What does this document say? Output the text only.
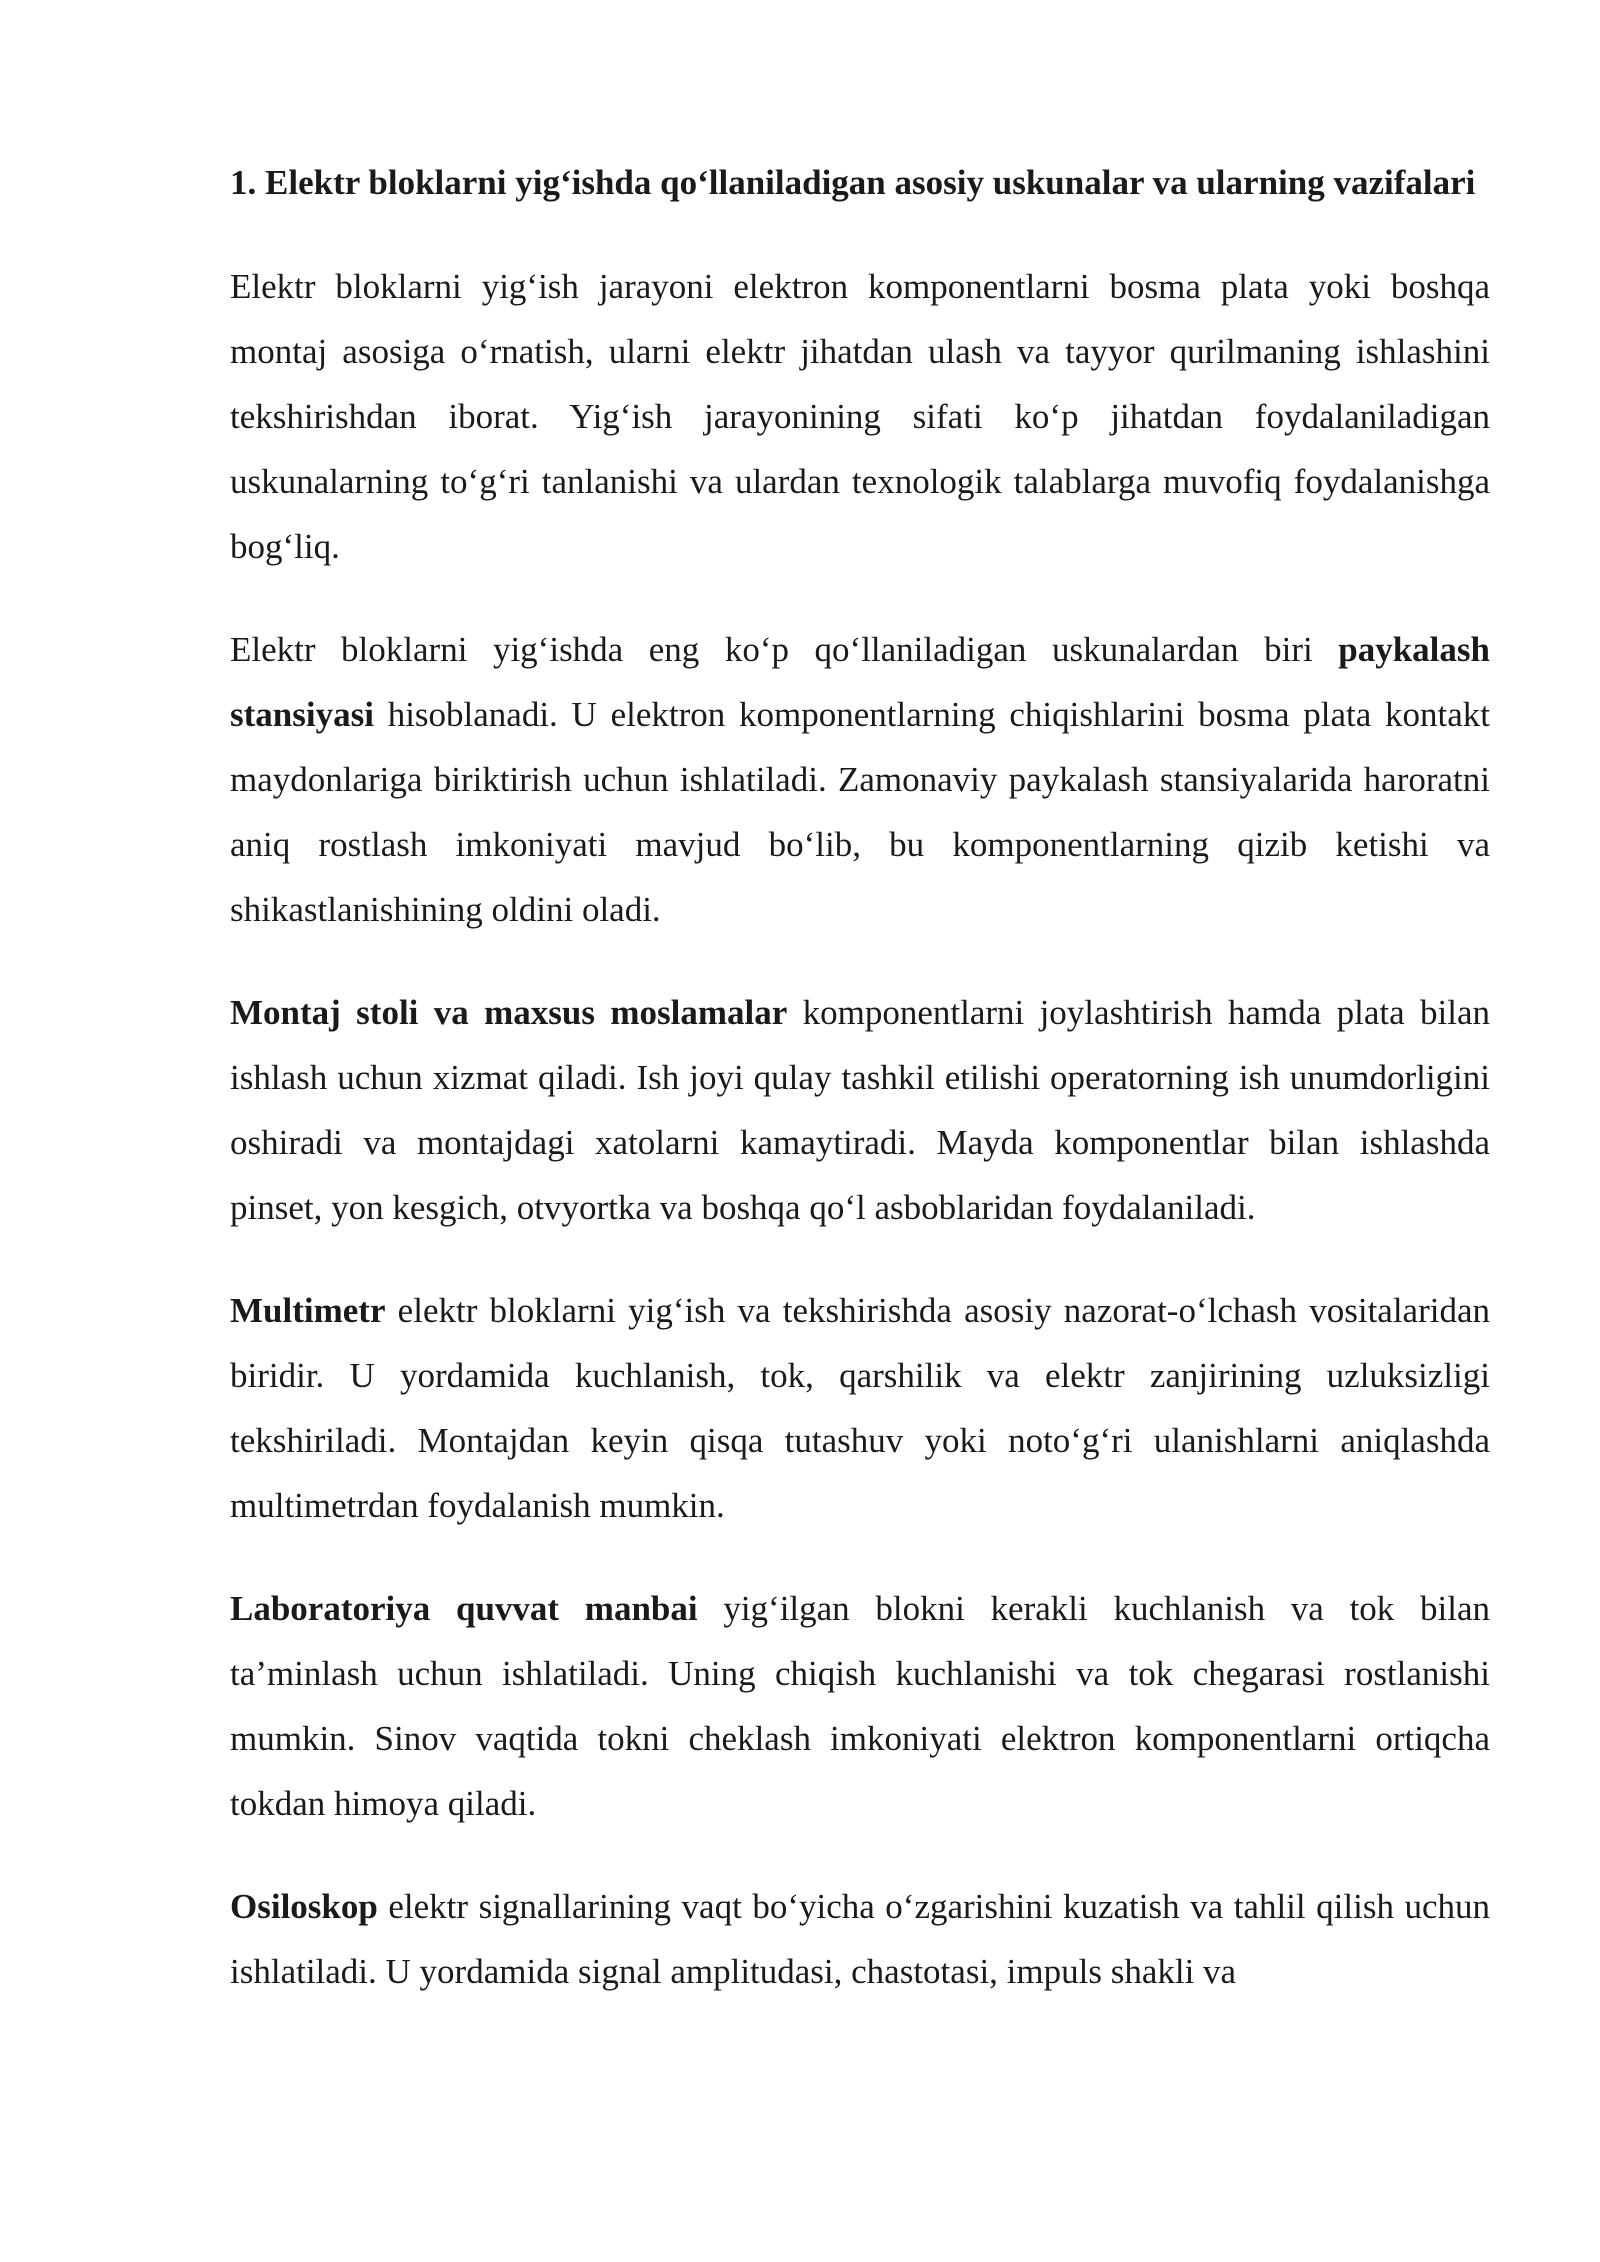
1. Elektr bloklarni yig‘ishda qo‘llaniladigan asosiy uskunalar va ularning vazifalari
Elektr bloklarni yig‘ish jarayoni elektron komponentlarni bosma plata yoki boshqa montaj asosiga o‘rnatish, ularni elektr jihatdan ulash va tayyor qurilmaning ishlashini tekshirishdan iborat. Yig‘ish jarayonining sifati ko‘p jihatdan foydalaniladigan uskunalarning to‘g‘ri tanlanishi va ulardan texnologik talablarga muvofiq foydalanishga bog‘liq.
Elektr bloklarni yig‘ishda eng ko‘p qo‘llaniladigan uskunalardan biri paykalash stansiyasi hisoblanadi. U elektron komponentlarning chiqishlarini bosma plata kontakt maydonlariga biriktirish uchun ishlatiladi. Zamonaviy paykalash stansiyalarida haroratni aniq rostlash imkoniyati mavjud bo‘lib, bu komponentlarning qizib ketishi va shikastlanishining oldini oladi.
Montaj stoli va maxsus moslamalar komponentlarni joylashtirish hamda plata bilan ishlash uchun xizmat qiladi. Ish joyi qulay tashkil etilishi operatorning ish unumdorligini oshiradi va montajdagi xatolarni kamaytiradi. Mayda komponentlar bilan ishlashda pinset, yon kesgich, otvyortka va boshqa qo‘l asboblaridan foydalaniladi.
Multimetr elektr bloklarni yig‘ish va tekshirishda asosiy nazorat-o‘lchash vositalaridan biridir. U yordamida kuchlanish, tok, qarshilik va elektr zanjirining uzluksizligi tekshiriladi. Montajdan keyin qisqa tutashuv yoki noto‘g‘ri ulanishlarni aniqlashda multimetrdan foydalanish mumkin.
Laboratoriya quvvat manbai yig‘ilgan blokni kerakli kuchlanish va tok bilan ta’minlash uchun ishlatiladi. Uning chiqish kuchlanishi va tok chegarasi rostlanishi mumkin. Sinov vaqtida tokni cheklash imkoniyati elektron komponentlarni ortiqcha tokdan himoya qiladi.
Osiloskop elektr signallarining vaqt bo‘yicha o‘zgarishini kuzatish va tahlil qilish uchun ishlatiladi. U yordamida signal amplitudasi, chastotasi, impuls shakli va
